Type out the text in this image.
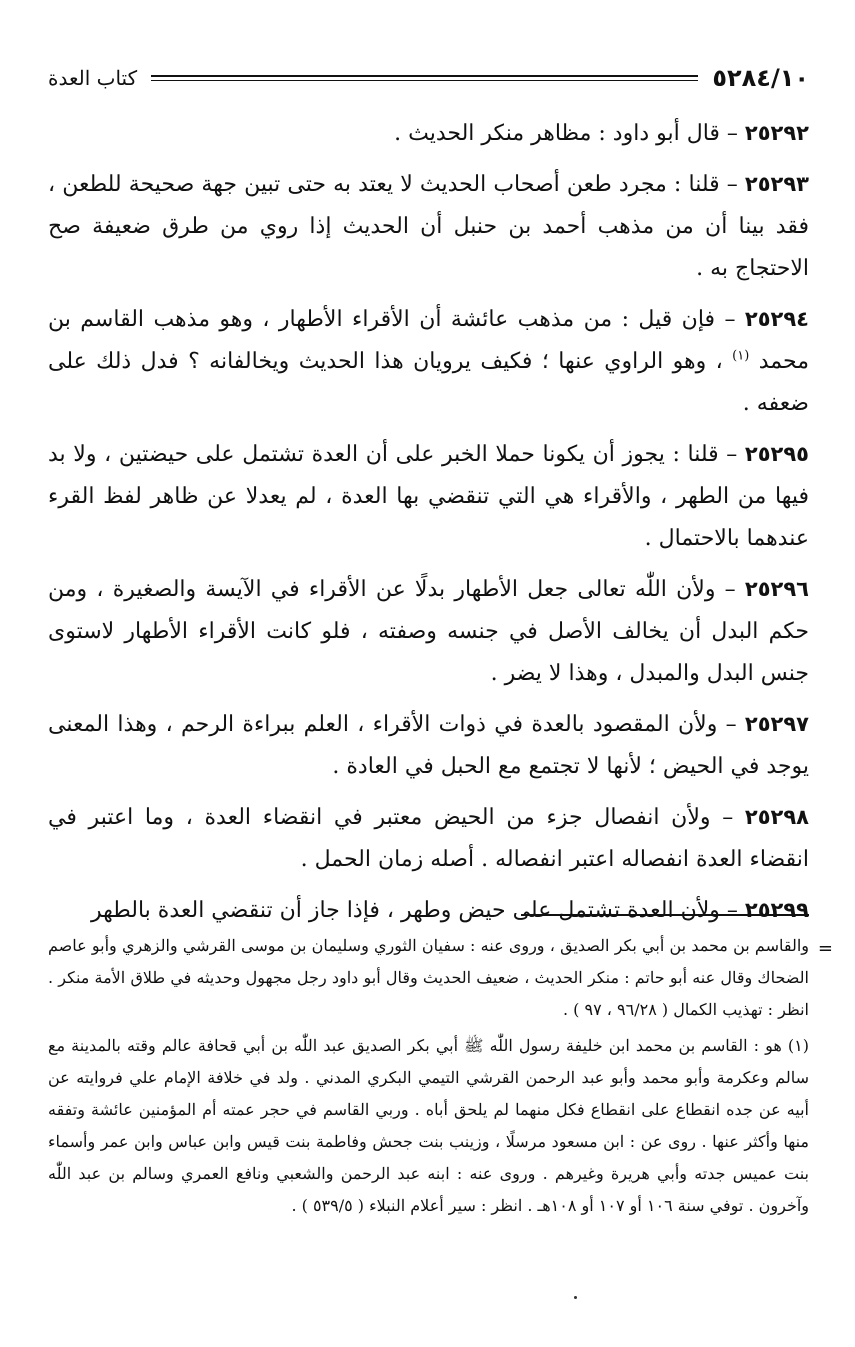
٥٢٨٤/١٠
كتاب العدة

٢٥٢٩٢ – قال أبو داود : مظاهر منكر الحديث .

٢٥٢٩٣ – قلنا : مجرد طعن أصحاب الحديث لا يعتد به حتى تبين جهة صحيحة للطعن ، فقد بينا أن من مذهب أحمد بن حنبل أن الحديث إذا روي من طرق ضعيفة صح الاحتجاج به .

٢٥٢٩٤ – فإن قيل : من مذهب عائشة أن الأقراء الأطهار ، وهو مذهب القاسم بن محمد $^{(١)}$ ، وهو الراوي عنها ؛ فكيف يرويان هذا الحديث ويخالفانه ؟ فدل ذلك على ضعفه .

٢٥٢٩٥ – قلنا : يجوز أن يكونا حملا الخبر على أن العدة تشتمل على حيضتين ، ولا بد فيها من الطهر ، والأقراء هي التي تنقضي بها العدة ، لم يعدلا عن ظاهر لفظ القرء عندهما بالاحتمال .

٢٥٢٩٦ – ولأن اللّٰه تعالى جعل الأطهار بدلًا عن الأقراء في الآيسة والصغيرة ، ومن حكم البدل أن يخالف الأصل في جنسه وصفته ، فلو كانت الأقراء الأطهار لاستوى جنس البدل والمبدل ، وهذا لا يضر .

٢٥٢٩٧ – ولأن المقصود بالعدة في ذوات الأقراء ، العلم ببراءة الرحم ، وهذا المعنى يوجد في الحيض ؛ لأنها لا تجتمع مع الحبل في العادة .

٢٥٢٩٨ – ولأن انفصال جزء من الحيض معتبر في انقضاء العدة ، وما اعتبر في انقضاء العدة انفصاله اعتبر انفصاله . أصله زمان الحمل .

٢٥٢٩٩ – ولأن العدة تشتمل على حيض وطهر ، فإذا جاز أن تنقضي العدة بالطهر

=
والقاسم بن محمد بن أبي بكر الصديق ، وروى عنه : سفيان الثوري وسليمان بن موسى القرشي والزهري وأبو عاصم الضحاك وقال عنه أبو حاتم : منكر الحديث ، ضعيف الحديث وقال أبو داود رجل مجهول وحديثه في طلاق الأمة منكر . انظر : تهذيب الكمال ( ٩٦/٢٨ ، ٩٧ ) .

(١) هو : القاسم بن محمد ابن خليفة رسول اللّٰه ﷺ أبي بكر الصديق عبد اللّٰه بن أبي قحافة عالم وقته بالمدينة مع سالم وعكرمة وأبو محمد وأبو عبد الرحمن القرشي التيمي البكري المدني . ولد في خلافة الإمام علي فروايته عن أبيه عن جده انقطاع على انقطاع فكل منهما لم يلحق أباه . وربي القاسم في حجر عمته أم المؤمنين عائشة وتفقه منها وأكثر عنها . روى عن : ابن مسعود مرسلًا ، وزينب بنت جحش وفاطمة بنت قيس وابن عباس وابن عمر وأسماء بنت عميس جدته وأبي هريرة وغيرهم . وروى عنه : ابنه عبد الرحمن والشعبي ونافع العمري وسالم بن عبد اللّٰه وآخرون . توفي سنة ١٠٦ أو ١٠٧ أو ١٠٨هـ . انظر : سير أعلام النبلاء ( ٥٣٩/٥ ) .
